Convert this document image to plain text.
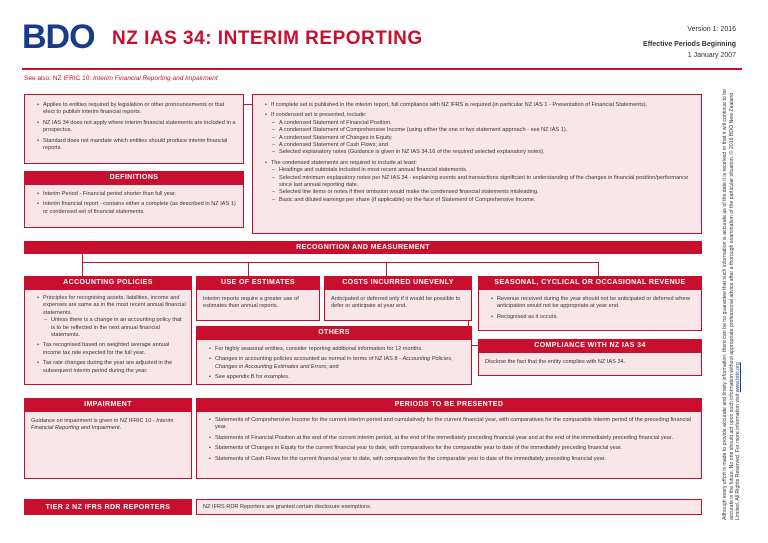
BDO NZ IAS 34: INTERIM REPORTING	Version 1: 2016
Effective Periods Beginning
1 January 2007
See also: NZ IFRIC 10: Interim Financial Reporting and Impairment
• Applies to entities required by legislation or other pronouncements or that elect to publish interim financial reports.
• NZ IAS 34 does not apply where interim financial statements are included in a prospectus.
• Standard does not mandate which entities should produce interim financial reports.
DEFINITIONS
• Interim Period - Financial period shorter than full year.
• Interim financial report - contains either a complete (as described in NZ IAS 1) or condensed set of financial statements.
• If complete set is published in the interim report, full compliance with NZ IFRS is required (in particular NZ IAS 1 - Presentation of Financial Statements).
• If condensed set is presented, include:
– A condensed Statement of Financial Position.
– A condensed Statement of Comprehensive Income (using either the one or two statement approach - see NZ IAS 1).
– A condensed Statement of Changes in Equity.
– A condensed Statement of Cash Flows; and
– Selected explanatory notes (Guidance is given in NZ IAS 34.16 of the required selected explanatory notes).
• The condensed statements are required to include at least:
– Headings and subtotals included in most recent annual financial statements.
– Selected minimum explanatory notes per NZ IAS 34 - explaining events and transactions significant to understanding of the changes in financial position/performance since last annual reporting date.
– Selected line items or notes if their omission would make the condensed financial statements misleading.
– Basic and diluted earnings per share (if applicable) on the face of Statement of Comprehensive Income.
RECOGNITION AND MEASUREMENT
ACCOUNTING POLICIES
• Principles for recognising assets, liabilities, income and expenses are same as in the most recent annual financial statements.
– Unless there is a change in an accounting policy that is to be reflected in the next annual financial statements.
• Tax recognised based on weighted average annual income tax rate expected for the full year.
• Tax rate changes during the year are adjusted in the subsequent interim period during the year.
USE OF ESTIMATES
Interim reports require a greater use of estimates than annual reports.
COSTS INCURRED UNEVENLY
Anticipated or deferred only if it would be possible to defer or anticipate at year end.
SEASONAL, CYCLICAL OR OCCASIONAL REVENUE
• Revenue received during the year should not be anticipated or deferred where anticipation would not be appropriate at year end.
• Recognised as it occurs.
OTHERS
• For highly seasonal entities, consider reporting additional information for 12 months.
• Changes in accounting policies accounted as normal in terms of NZ IAS 8 - Accounting Policies, Changes in Accounting Estimates and Errors; and
• See appendix B for examples.
COMPLIANCE WITH NZ IAS 34
Disclose the fact that the entity complies with NZ IAS 34.
IMPAIRMENT
Guidance on impairment is given in NZ IFRIC 10 - Interim Financial Reporting and Impairment.
PERIODS TO BE PRESENTED
• Statements of Comprehensive Income for the current interim period and cumulatively for the current financial year, with comparatives for the comparable interim period of the preceding financial year.
• Statements of Financial Position at the end of the current interim period, at the end of the immediately preceding financial year and at the end of the immediately preceding financial year.
• Statements of Changes in Equity for the current financial year to date, with comparatives for the comparable year to date of the immediately preceding financial year.
• Statements of Cash Flows for the current financial year to date, with comparatives for the comparable year to date of the immediately preceding financial year.
TIER 2 NZ IFRS RDR REPORTERS	NZ IFRS RDR Reporters are granted certain disclosure exemptions.	Although every effort is made to provide accurate and timely information, there can be no guarantee that such information is accurate as of the date it is received or that it will continue to be accurate in the future. No one should act upon such information without appropriate professional advice after a thorough examination of the particular situation. © 2016 BDO New Zealand Limited. All Rights Reserved. For more information visit www.bdo.org
